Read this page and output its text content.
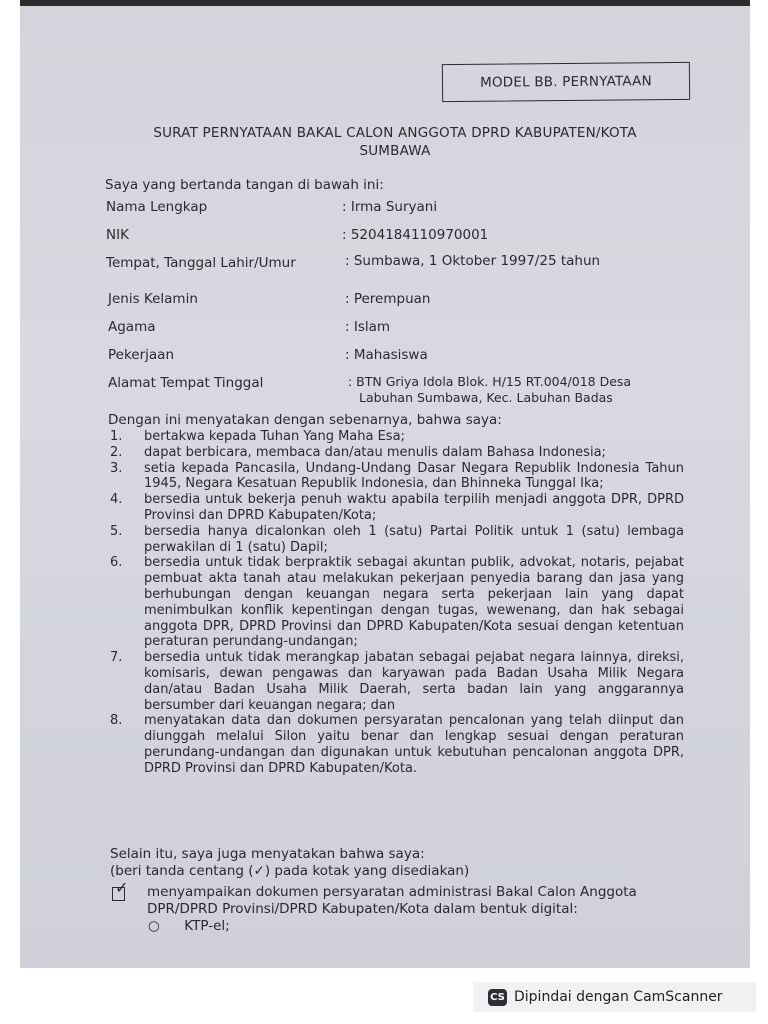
MODEL BB. PERNYATAAN
SURAT PERNYATAAN BAKAL CALON ANGGOTA DPRD KABUPATEN/KOTA
SUMBAWA
Saya yang bertanda tangan di bawah ini:
Nama Lengkap	: Irma Suryani
NIK	: 5204184110970001
Tempat, Tanggal Lahir/Umur	: Sumbawa, 1 Oktober 1997/25 tahun
Jenis Kelamin	: Perempuan
Agama	: Islam
Pekerjaan	: Mahasiswa
Alamat Tempat Tinggal	: BTN Griya Idola Blok. H/15 RT.004/018 Desa
Labuhan Sumbawa, Kec. Labuhan Badas
Dengan ini menyatakan dengan sebenarnya, bahwa saya:
1. bertakwa kepada Tuhan Yang Maha Esa;
2. dapat berbicara, membaca dan/atau menulis dalam Bahasa Indonesia;
3. setia kepada Pancasila, Undang-Undang Dasar Negara Republik Indonesia Tahun 1945, Negara Kesatuan Republik Indonesia, dan Bhinneka Tunggal Ika;
4. bersedia untuk bekerja penuh waktu apabila terpilih menjadi anggota DPR, DPRD Provinsi dan DPRD Kabupaten/Kota;
5. bersedia hanya dicalonkan oleh 1 (satu) Partai Politik untuk 1 (satu) lembaga perwakilan di 1 (satu) Dapil;
6. bersedia untuk tidak berpraktik sebagai akuntan publik, advokat, notaris, pejabat pembuat akta tanah atau melakukan pekerjaan penyedia barang dan jasa yang berhubungan dengan keuangan negara serta pekerjaan lain yang dapat menimbulkan konflik kepentingan dengan tugas, wewenang, dan hak sebagai anggota DPR, DPRD Provinsi dan DPRD Kabupaten/Kota sesuai dengan ketentuan peraturan perundang-undangan;
7. bersedia untuk tidak merangkap jabatan sebagai pejabat negara lainnya, direksi, komisaris, dewan pengawas dan karyawan pada Badan Usaha Milik Negara dan/atau Badan Usaha Milik Daerah, serta badan lain yang anggarannya bersumber dari keuangan negara; dan
8. menyatakan data dan dokumen persyaratan pencalonan yang telah diinput dan diunggah melalui Silon yaitu benar dan lengkap sesuai dengan peraturan perundang-undangan dan digunakan untuk kebutuhan pencalonan anggota DPR, DPRD Provinsi dan DPRD Kabupaten/Kota.
Selain itu, saya juga menyatakan bahwa saya:
(beri tanda centang (✓) pada kotak yang disediakan)
✓ menyampaikan dokumen persyaratan administrasi Bakal Calon Anggota DPR/DPRD Provinsi/DPRD Kabupaten/Kota dalam bentuk digital:
○ KTP-el;
CS Dipindai dengan CamScanner
